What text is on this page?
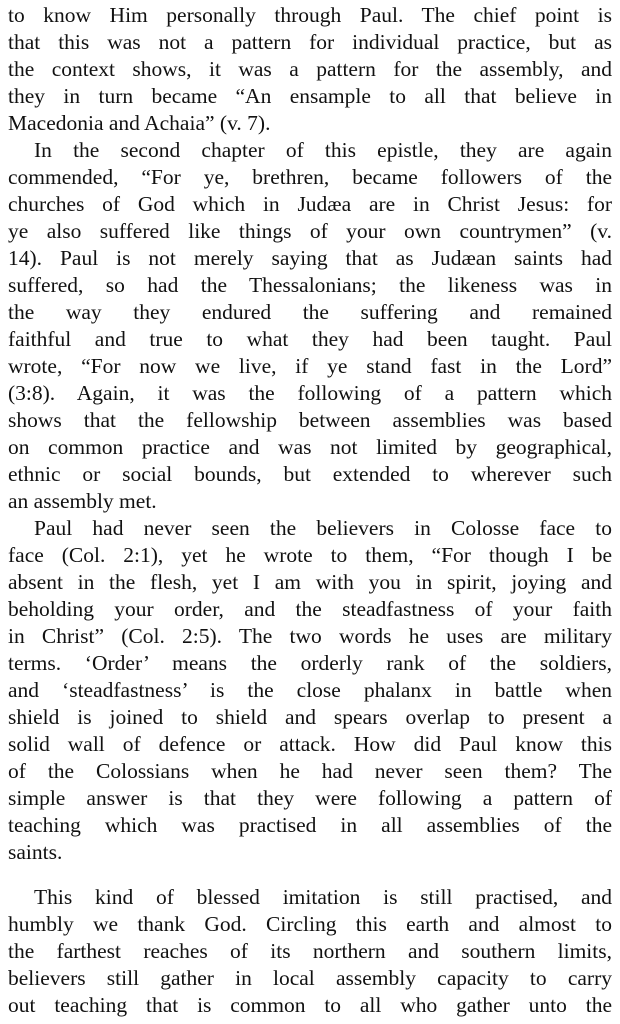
to know Him personally through Paul. The chief point is
that this was not a pattern for individual practice, but as
the context shows, it was a pattern for the assembly, and
they in turn became “An ensample to all that believe in
Macedonia and Achaia” (v. 7).
In the second chapter of this epistle, they are again
commended, “For ye, brethren, became followers of the
churches of God which in Judæa are in Christ Jesus: for
ye also suffered like things of your own countrymen” (v.
14). Paul is not merely saying that as Judæan saints had
suffered, so had the Thessalonians; the likeness was in
the way they endured the suffering and remained
faithful and true to what they had been taught. Paul
wrote, “For now we live, if ye stand fast in the Lord”
(3:8). Again, it was the following of a pattern which
shows that the fellowship between assemblies was based
on common practice and was not limited by geographical,
ethnic or social bounds, but extended to wherever such
an assembly met.
Paul had never seen the believers in Colosse face to
face (Col. 2:1), yet he wrote to them, “For though I be
absent in the flesh, yet I am with you in spirit, joying and
beholding your order, and the steadfastness of your faith
in Christ” (Col. 2:5). The two words he uses are military
terms. ‘Order’ means the orderly rank of the soldiers,
and ‘steadfastness’ is the close phalanx in battle when
shield is joined to shield and spears overlap to present a
solid wall of defence or attack. How did Paul know this
of the Colossians when he had never seen them? The
simple answer is that they were following a pattern of
teaching which was practised in all assemblies of the
saints.
This kind of blessed imitation is still practised, and
humbly we thank God. Circling this earth and almost to
the farthest reaches of its northern and southern limits,
believers still gather in local assembly capacity to carry
out teaching that is common to all who gather unto the
